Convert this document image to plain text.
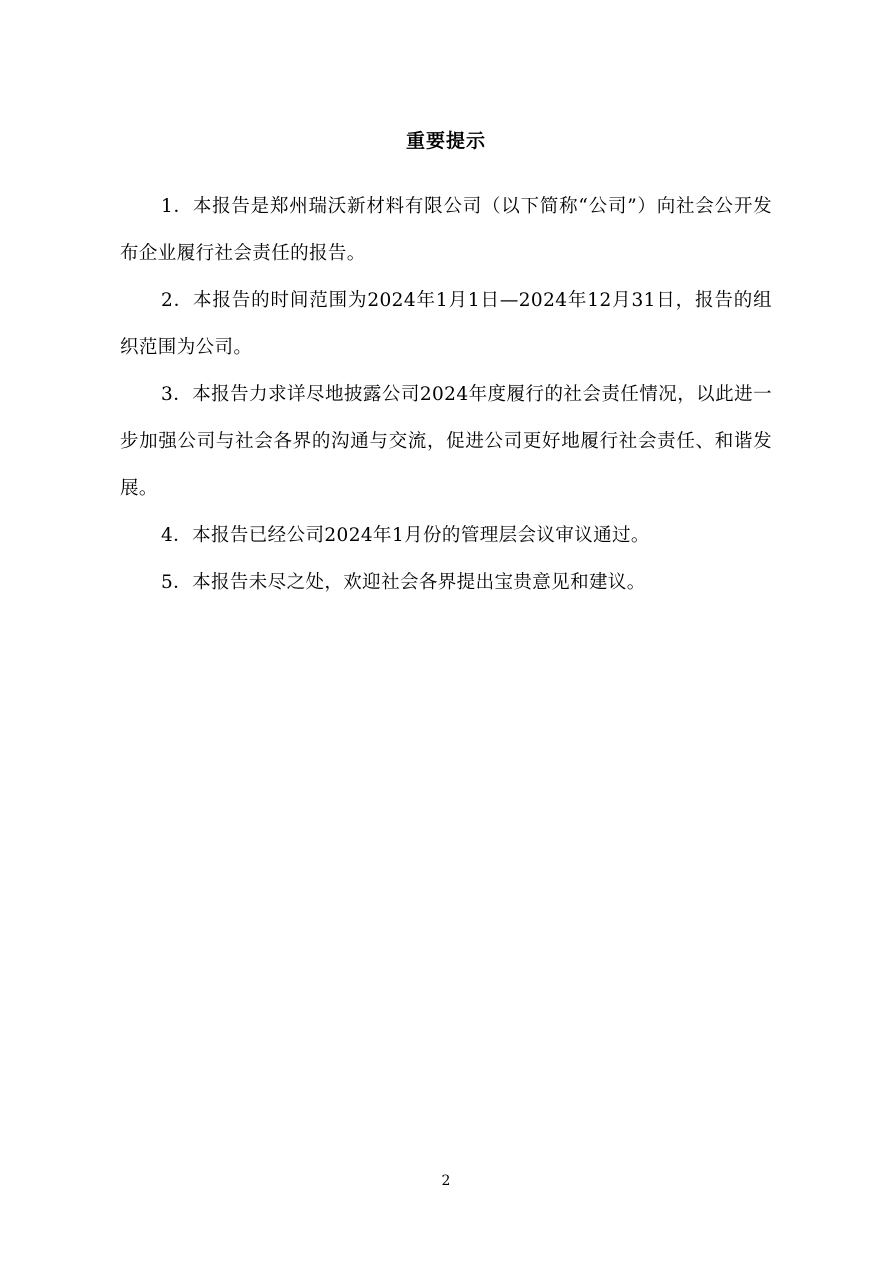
重要提示

1．本报告是郑州瑞沃新材料有限公司（以下简称“公司”）向社会公开发布企业履行社会责任的报告。

2．本报告的时间范围为2024年1月1日—2024年12月31日，报告的组织范围为公司。

3．本报告力求详尽地披露公司2024年度履行的社会责任情况，以此进一步加强公司与社会各界的沟通与交流，促进公司更好地履行社会责任、和谐发展。

4．本报告已经公司2024年1月份的管理层会议审议通过。

5．本报告未尽之处，欢迎社会各界提出宝贵意见和建议。

2
